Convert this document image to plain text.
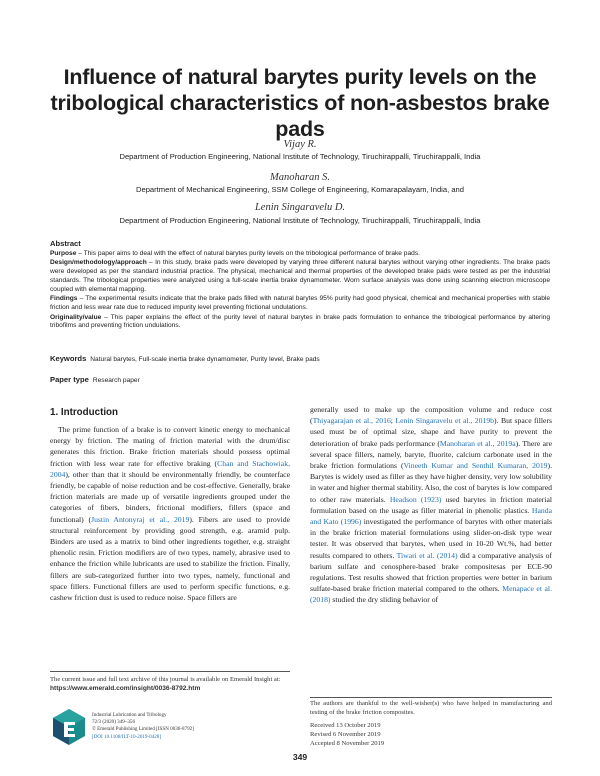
Influence of natural barytes purity levels on the tribological characteristics of non-asbestos brake pads
Vijay R.
Department of Production Engineering, National Institute of Technology, Tiruchirappalli, Tiruchirappalli, India
Manoharan S.
Department of Mechanical Engineering, SSM College of Engineering, Komarapalayam, India, and
Lenin Singaravelu D.
Department of Production Engineering, National Institute of Technology, Tiruchirappalli, Tiruchirappalli, India
Abstract

Purpose – This paper aims to deal with the effect of natural barytes purity levels on the tribological performance of brake pads.

Design/methodology/approach – In this study, brake pads were developed by varying three different natural barytes without varying other ingredients. The brake pads were developed as per the standard industrial practice. The physical, mechanical and thermal properties of the developed brake pads were tested as per the industrial standards. The tribological properties were analyzed using a full-scale inertia brake dynamometer. Worn surface analysis was done using scanning electron microscope coupled with elemental mapping.

Findings – The experimental results indicate that the brake pads filled with natural barytes 95% purity had good physical, chemical and mechanical properties with stable friction and less wear rate due to reduced impurity level preventing frictional undulations.

Originality/value – This paper explains the effect of the purity level of natural barytes in brake pads formulation to enhance the tribological performance by altering tribofilms and preventing friction undulations.

Keywords Natural barytes, Full-scale inertia brake dynamometer, Purity level, Brake pads
Paper type Research paper
1. Introduction

The prime function of a brake is to convert kinetic energy to mechanical energy by friction. The mating of friction material with the drum/disc generates this friction. Brake friction materials should possess optimal friction with less wear rate for effective braking (Chan and Stachowiak, 2004), other than that it should be environmentally friendly, be counterface friendly, be capable of noise reduction and be cost-effective. Generally, brake friction materials are made up of versatile ingredients grouped under the categories of fibers, binders, frictional modifiers, fillers (space and functional) (Justin Antonyraj et al., 2019). Fibers are used to provide structural reinforcement by providing good strength, e.g. aramid pulp. Binders are used as a matrix to bind other ingredients together, e.g. straight phenolic resin. Friction modifiers are of two types, namely, abrasive used to enhance the friction while lubricants are used to stabilize the friction. Finally, fillers are sub-categorized further into two types, namely, functional and space fillers. Functional fillers are used to perform specific functions, e.g. cashew friction dust is used to reduce noise. Space fillers are

generally used to make up the composition volume and reduce cost (Thiyagarajan et al., 2016; Lenin Singaravelu et al., 2019b). But space fillers used must be of optimal size, shape and have purity to prevent the deterioration of brake pads performance (Manoharan et al., 2019a). There are several space fillers, namely, baryte, fluorite, calcium carbonate used in the brake friction formulations (Vineeth Kumar and Senthil Kumaran, 2019). Barytes is widely used as filler as they have higher density, very low solubility in water and higher thermal stability. Also, the cost of barytes is low compared to other raw materials. Headson (1923) used barytes in friction material formulation based on the usage as filler material in phenolic plastics. Handa and Kato (1996) investigated the performance of barytes with other materials in the brake friction material formulations using slider-on-disk type wear tester. It was observed that barytes, when used in 10-20 Wt.%, had better results compared to others. Tiwari et al. (2014) did a comparative analysis of barium sulfate and cenosphere-based brake compositesas per ECE-90 regulations. Test results showed that friction properties were better in barium sulfate-based brake friction material compared to the others. Menapace et al. (2018) studied the dry sliding behavior of

The current issue and full text archive of this journal is available on Emerald Insight at: https://www.emerald.com/insight/0036-8792.htm
Industrial Lubrication and Tribology
72/3 (2020) 349–356
© Emerald Publishing Limited [ISSN 0036-8792]
[DOI 10.1108/ILT-10-2019-0428]
The authors are thankful to the well-wisher(s) who have helped in manufacturing and testing of the brake friction composites.
Received 13 October 2019
Revised 6 November 2019
Accepted 8 November 2019
349
